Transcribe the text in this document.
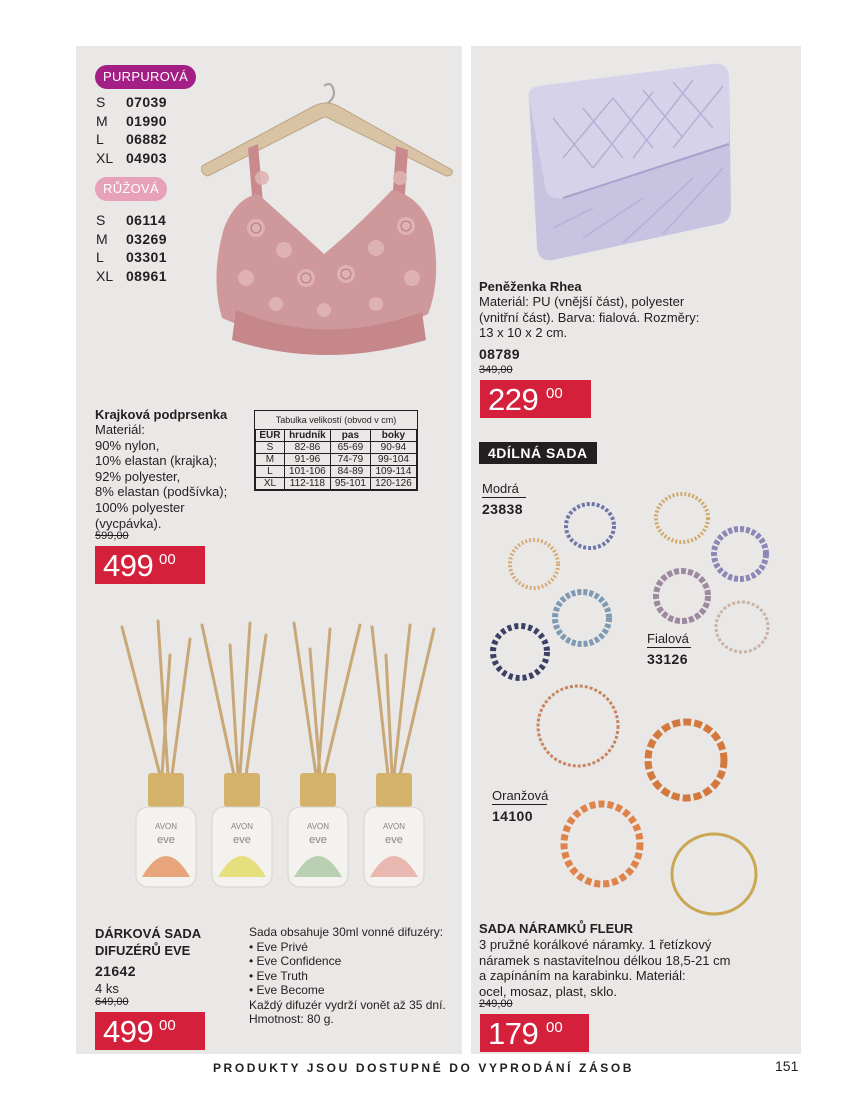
PURPUROVÁ
S	07039
M	01990
L	06882
XL 04903
RŮŽOVÁ
S	06114
M	03269
L	03301
XL 08961
Krajková podprsenka
Materiál:
90% nylon,
10% elastan (krajka);
92% polyester,
8% elastan (podšívka);
100% polyester
(vycpávka).
599,00
499 00
Tabulka velikostí (obvod v cm)
EUR	hrudník	pas	boky
S	82-86	65-69	90-94
M	91-96	74-79	99-104
L	101-106	84-89	109-114
XL	112-118	95-101	120-126
AVON
eve
AVON
eve
AVON
eve
AVON
eve
DÁRKOVÁ SADA
DIFUZÉRŮ EVE
21642
4 ks
649,00
499 00
Sada obsahuje 30ml vonné difuzéry:
• Eve Privé
• Eve Confidence
• Eve Truth
• Eve Become
Každý difuzér vydrží vonět až 35 dní.
Hmotnost: 80 g.
Peněženka Rhea
Materiál: PU (vnější část), polyester
(vnitřní část). Barva: fialová. Rozměry:
13 x 10 x 2 cm.
08789
349,00
229 00
4DÍLNÁ SADA
Modrá
23838
Fialová
33126
Oranžová
14100
SADA NÁRAMKŮ FLEUR
3 pružné korálkové náramky. 1 řetízkový
náramek s nastavitelnou délkou 18,5-21 cm
a zapínáním na karabinku. Materiál:
ocel, mosaz, plast, sklo.
249,00
179 00
PRODUKTY JSOU DOSTUPNÉ DO VYPRODÁNÍ ZÁSOB	151
